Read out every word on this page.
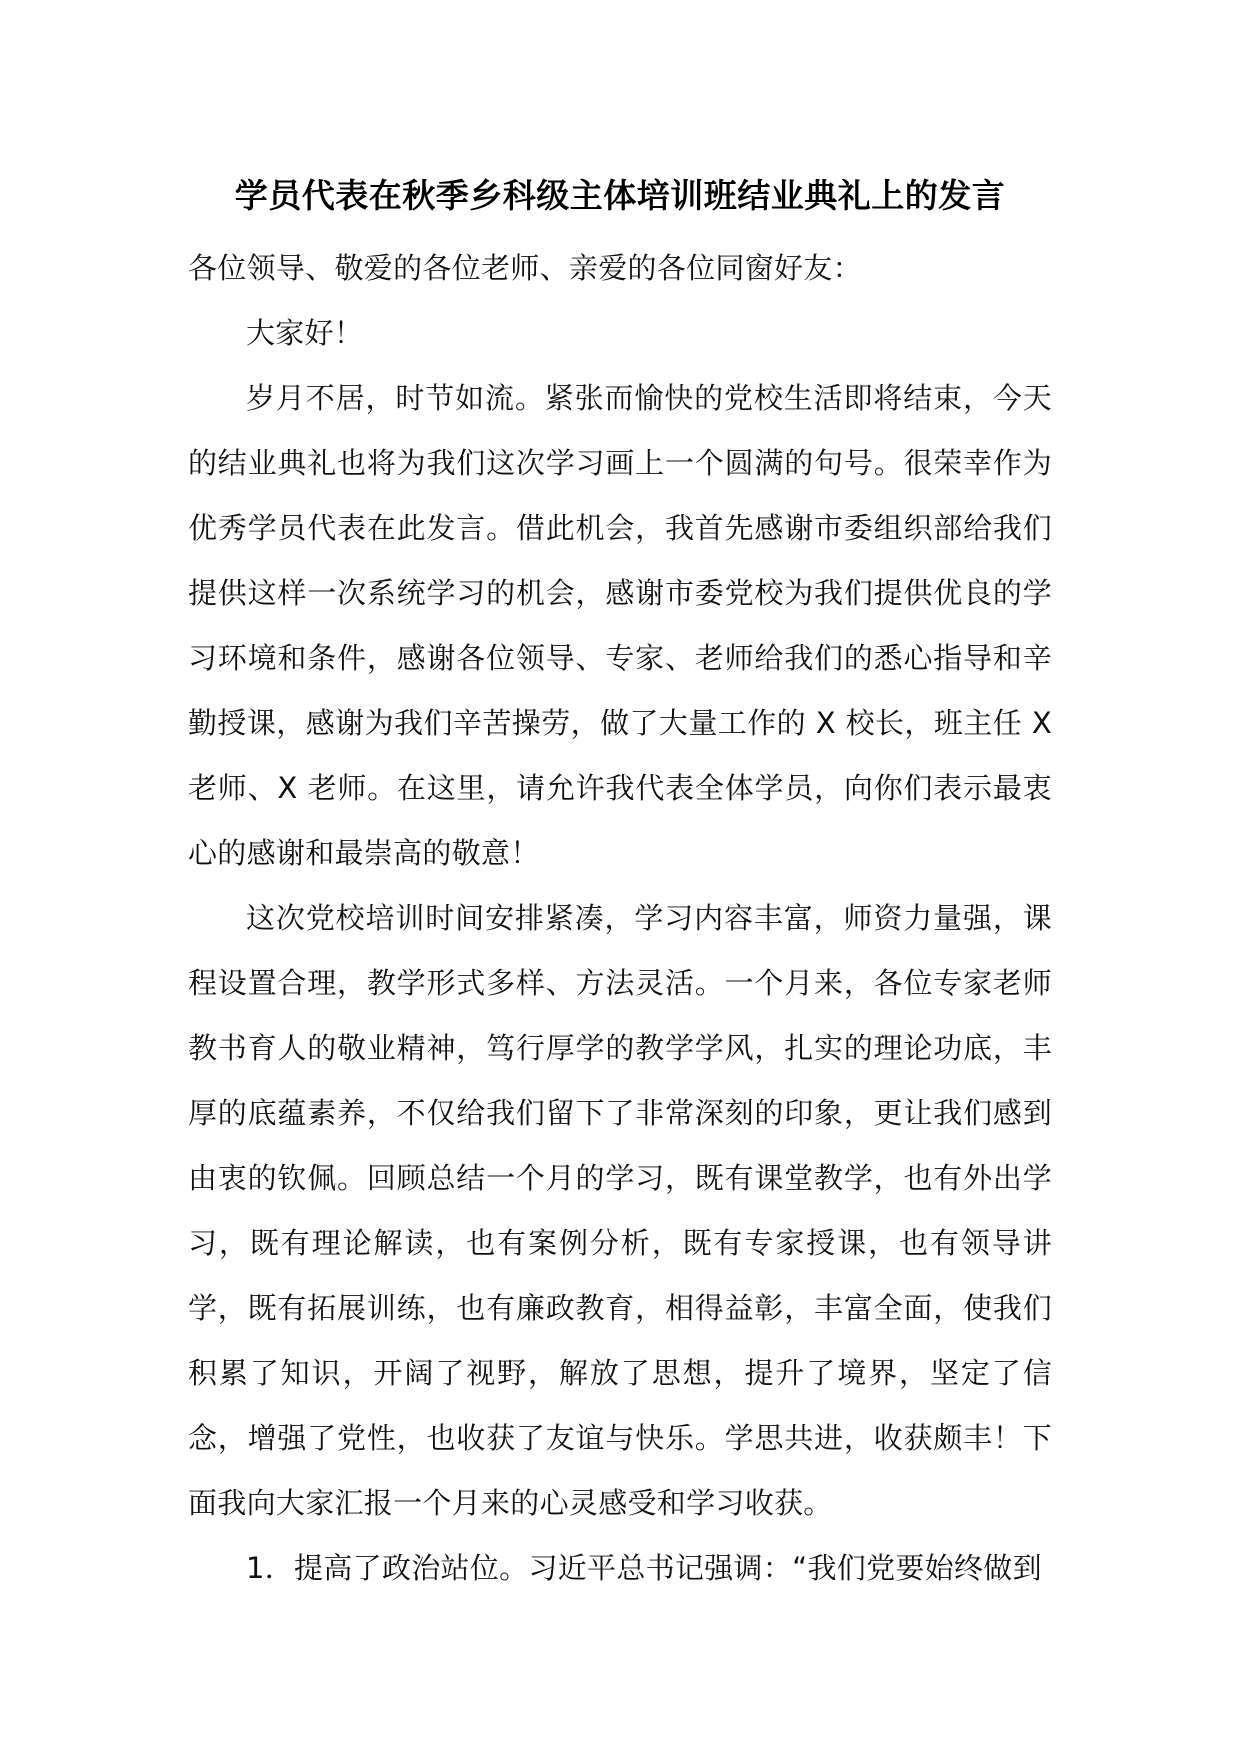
学员代表在秋季乡科级主体培训班结业典礼上的发言

各位领导、敬爱的各位老师、亲爱的各位同窗好友：

大家好！

岁月不居，时节如流。紧张而愉快的党校生活即将结束，今天的结业典礼也将为我们这次学习画上一个圆满的句号。很荣幸作为优秀学员代表在此发言。借此机会，我首先感谢市委组织部给我们提供这样一次系统学习的机会，感谢市委党校为我们提供优良的学习环境和条件，感谢各位领导、专家、老师给我们的悉心指导和辛勤授课，感谢为我们辛苦操劳，做了大量工作的 X 校长，班主任 X 老师、X 老师。在这里，请允许我代表全体学员，向你们表示最衷心的感谢和最崇高的敬意！

这次党校培训时间安排紧凑，学习内容丰富，师资力量强，课程设置合理，教学形式多样、方法灵活。一个月来，各位专家老师教书育人的敬业精神，笃行厚学的教学学风，扎实的理论功底，丰厚的底蕴素养，不仅给我们留下了非常深刻的印象，更让我们感到由衷的钦佩。回顾总结一个月的学习，既有课堂教学，也有外出学习，既有理论解读，也有案例分析，既有专家授课，也有领导讲学，既有拓展训练，也有廉政教育，相得益彰，丰富全面，使我们积累了知识，开阔了视野，解放了思想，提升了境界，坚定了信念，增强了党性，也收获了友谊与快乐。学思共进，收获颇丰！下面我向大家汇报一个月来的心灵感受和学习收获。

1．提高了政治站位。习近平总书记强调：“我们党要始终做到
